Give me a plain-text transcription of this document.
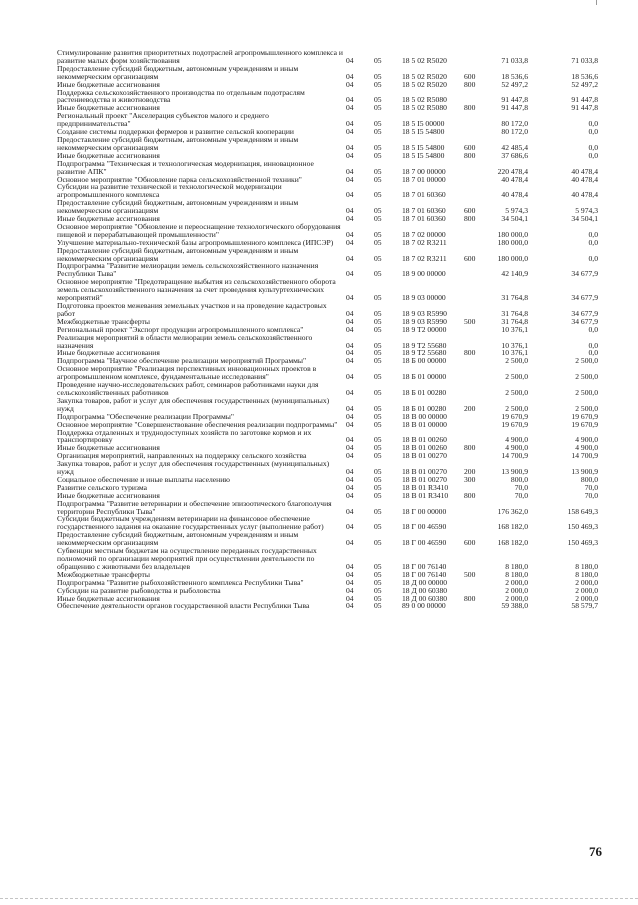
Стимулирование развития приоритетных подотраслей агропромышленного комплекса и развитие малых форм хозяйствования	04	05	18 5 02 R5020	71 033,8	71 033,8
Предоставление субсидий бюджетным, автономным учреждениям и иным некоммерческим организациям	04	05	18 5 02 R5020 600	18 536,6	18 536,6
Иные бюджетные ассигнования	04	05	18 5 02 R5020 800	52 497,2	52 497,2
Поддержка сельскохозяйственного производства по отдельным подотраслям растениеводства и животноводства	04	05	18 5 02 R5080	91 447,8	91 447,8
Иные бюджетные ассигнования	04	05	18 5 02 R5080 800	91 447,8	91 447,8
Региональный проект "Акселерация субъектов малого и среднего предпринимательства"	04	05	18 5 I5 00000	80 172,0	0,0
Создание системы поддержки фермеров и развитие сельской кооперации	04	05	18 5 I5 54800	80 172,0	0,0
Предоставление субсидий бюджетным, автономным учреждениям и иным некоммерческим организациям	04	05	18 5 I5 54800	600	42 485,4	0,0
Иные бюджетные ассигнования	04	05	18 5 I5 54800	800	37 686,6	0,0
Подпрограмма "Техническая и технологическая модернизация, инновационное развитие АПК"	04	05	18 7 00 00000	220 478,4	40 478,4
Основное мероприятие "Обновление парка сельскохозяйственной техники"	04	05	18 7 01 00000	40 478,4	40 478,4
Субсидии на развитие технической и технологической модернизации агропромышленного комплекса	04	05	18 7 01 60360	40 478,4	40 478,4
Предоставление субсидий бюджетным, автономным учреждениям и иным некоммерческим организациям	04	05	18 7 01 60360 600	5 974,3	5 974,3
Иные бюджетные ассигнования	04	05	18 7 01 60360 800	34 504,1	34 504,1
Основное мероприятие "Обновление и переоснащение технологического оборудования пищевой и перерабатывающей промышленности"	04	05	18 7 02 00000	180 000,0	0,0
Улучшение материально-технической базы агропромышленного комплекса (ИПСЭР)	04	05	18 7 02 R3211	180 000,0	0,0
Предоставление субсидий бюджетным, автономным учреждениям и иным некоммерческим организациям	04	05	18 7 02 R3211 600	180 000,0	0,0
Подпрограмма "Развитие мелиорации земель сельскохозяйственного назначения Республики Тыва"	04	05	18 9 00 00000	42 140,9	34 677,9
Основное мероприятие "Предотвращение выбытия из сельскохозяйственного оборота земель сельскохозяйственного назначения за счет проведения культуртехнических мероприятий"	04	05	18 9 03 00000	31 764,8	34 677,9
Подготовка проектов межевания земельных участков и на проведение кадастровых работ	04	05	18 9 03 R5990	31 764,8	34 677,9
Межбюджетные трансферты	04	05	18 9 03 R5990 500	31 764,8	34 677,9
Региональный проект "Экспорт продукции агропромышленного комплекса"	04	05	18 9 T2 00000	10 376,1	0,0
Реализация мероприятий в области мелиорации земель сельскохозяйственного назначения	04	05	18 9 T2 55680	10 376,1	0,0
Иные бюджетные ассигнования	04	05	18 9 T2 55680 800	10 376,1	0,0
Подпрограмма "Научное обеспечение реализации мероприятий Программы"	04	05	18 Б 00 00000	2 500,0	2 500,0
Основное мероприятие "Реализация перспективных инновационных проектов в агропромышленном комплексе, фундаментальные исследования"	04	05	18 Б 01 00000	2 500,0	2 500,0
Проведение научно-исследовательских работ, семинаров работниками науки для сельскохозяйственных работников	04	05	18 Б 01 00280	2 500,0	2 500,0
Закупка товаров, работ и услуг для обеспечения государственных (муниципальных) нужд	04	05	18 Б 01 00280 200	2 500,0	2 500,0
Подпрограмма "Обеспечение реализации Программы"	04	05	18 В 00 00000	19 670,9	19 670,9
Основное мероприятие "Совершенствование обеспечения реализации подпрограммы"	04	05	18 В 01 00000	19 670,9	19 670,9
Поддержка отдаленных и труднодоступных хозяйств по заготовке кормов и их транспортировку	04	05	18 В 01 00260	4 900,0	4 900,0
Иные бюджетные ассигнования	04	05	18 В 01 00260 800	4 900,0	4 900,0
Организация мероприятий, направленных на поддержку сельского хозяйства	04	05	18 В 01 00270	14 700,9	14 700,9
Закупка товаров, работ и услуг для обеспечения государственных (муниципальных) нужд	04	05	18 В 01 00270 200	13 900,9	13 900,9
Социальное обеспечение и иные выплаты населению	04	05	18 В 01 00270 300	800,0	800,0
Развитие сельского туризма	04	05	18 В 01 R3410	70,0	70,0
Иные бюджетные ассигнования	04	05	18 В 01 R3410 800	70,0	70,0
Подпрограмма "Развитие ветеринарии и обеспечение эпизоотического благополучия территории Республики Тыва"	04	05	18 Г 00 00000	176 362,0	158 649,3
Субсидии бюджетным учреждениям ветеринарии на финансовое обеспечение государственного задания на оказание государственных услуг (выполнение работ)	04	05	18 Г 00 46590	168 182,0	150 469,3
Предоставление субсидий бюджетным, автономным учреждениям и иным некоммерческим организациям	04	05	18 Г 00 46590 600	168 182,0	150 469,3
Субвенции местным бюджетам на осуществление переданных государственных полномочий по организации мероприятий при осуществлении деятельности по обращению с животными без владельцев	04	05	18 Г 00 76140	8 180,0	8 180,0
Межбюджетные трансферты	04	05	18 Г 00 76140 500	8 180,0	8 180,0
Подпрограмма "Развитие рыбохозяйственного комплекса Республики Тыва"	04	05	18 Д 00 00000	2 000,0	2 000,0
Субсидии на развитие рыбоводства и рыболовства	04	05	18 Д 00 60380	2 000,0	2 000,0
Иные бюджетные ассигнования	04	05	18 Д 00 60380 800	2 000,0	2 000,0
Обеспечение деятельности органов государственной власти Республики Тыва	04	05	89 0 00 00000	59 388,0	58 579,7
76
